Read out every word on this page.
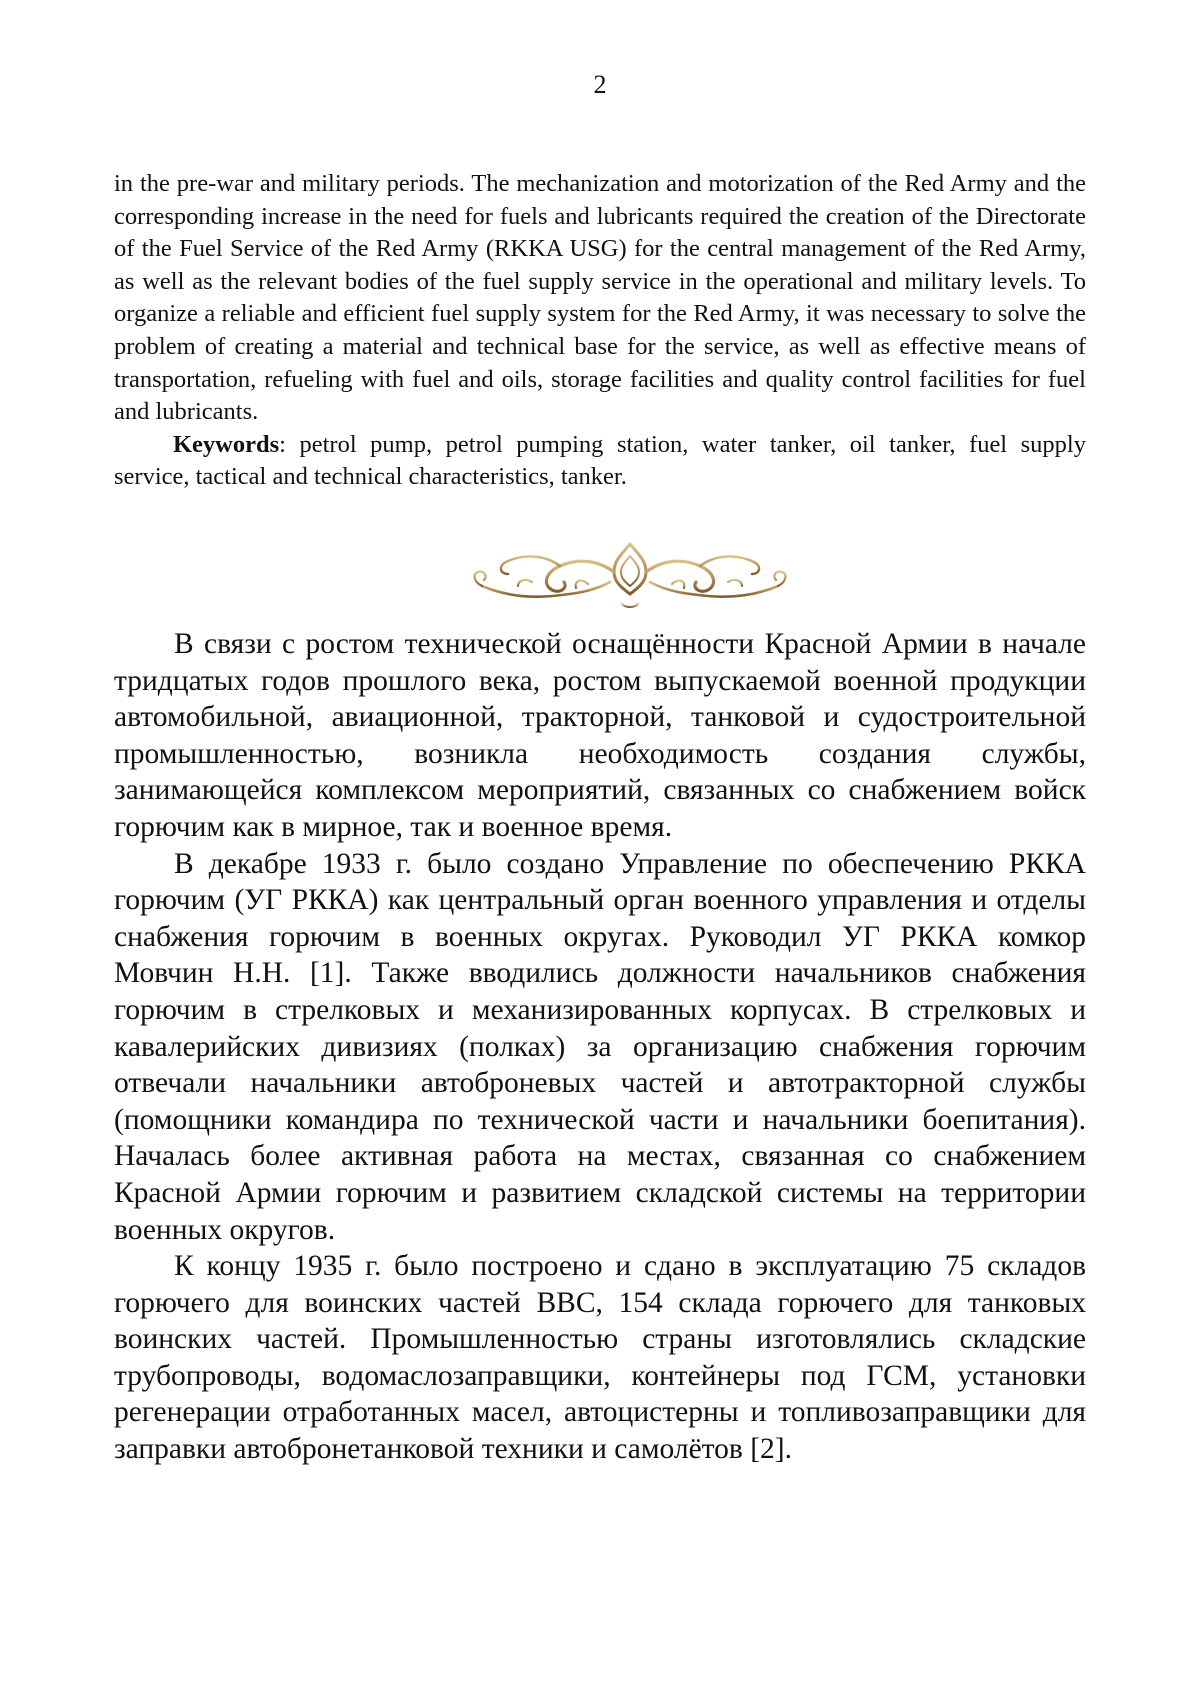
2

in the pre-war and military periods. The mechanization and motorization of the Red Army and the corresponding increase in the need for fuels and lubricants required the creation of the Directorate of the Fuel Service of the Red Army (RKKA USG) for the central management of the Red Army, as well as the relevant bodies of the fuel supply service in the operational and military levels. To organize a reliable and efficient fuel supply system for the Red Army, it was necessary to solve the problem of creating a material and technical base for the service, as well as effective means of transportation, refueling with fuel and oils, storage facilities and quality control facilities for fuel and lubricants.

Keywords: petrol pump, petrol pumping station, water tanker, oil tanker, fuel supply service, tactical and technical characteristics, tanker.

В связи с ростом технической оснащённости Красной Армии в начале тридцатых годов прошлого века, ростом выпускаемой военной продукции автомобильной, авиационной, тракторной, танковой и судостроительной промышленностью, возникла необходимость создания службы, занимающейся комплексом мероприятий, связанных со снабжением войск горючим как в мирное, так и военное время.

В декабре 1933 г. было создано Управление по обеспечению РККА горючим (УГ РККА) как центральный орган военного управления и отделы снабжения горючим в военных округах. Руководил УГ РККА комкор Мовчин Н.Н. [1]. Также вводились должности начальников снабжения горючим в стрелковых и механизированных корпусах. В стрелковых и кавалерийских дивизиях (полках) за организацию снабжения горючим отвечали начальники автоброневых частей и автотракторной службы (помощники командира по технической части и начальники боепитания). Началась более активная работа на местах, связанная со снабжением Красной Армии горючим и развитием складской системы на территории военных округов.

К концу 1935 г. было построено и сдано в эксплуатацию 75 складов горючего для воинских частей ВВС, 154 склада горючего для танковых воинских частей. Промышленностью страны изготовлялись складские трубопроводы, водомаслозаправщики, контейнеры под ГСМ, установки регенерации отработанных масел, автоцистерны и топливозаправщики для заправки автобронетанковой техники и самолётов [2].
